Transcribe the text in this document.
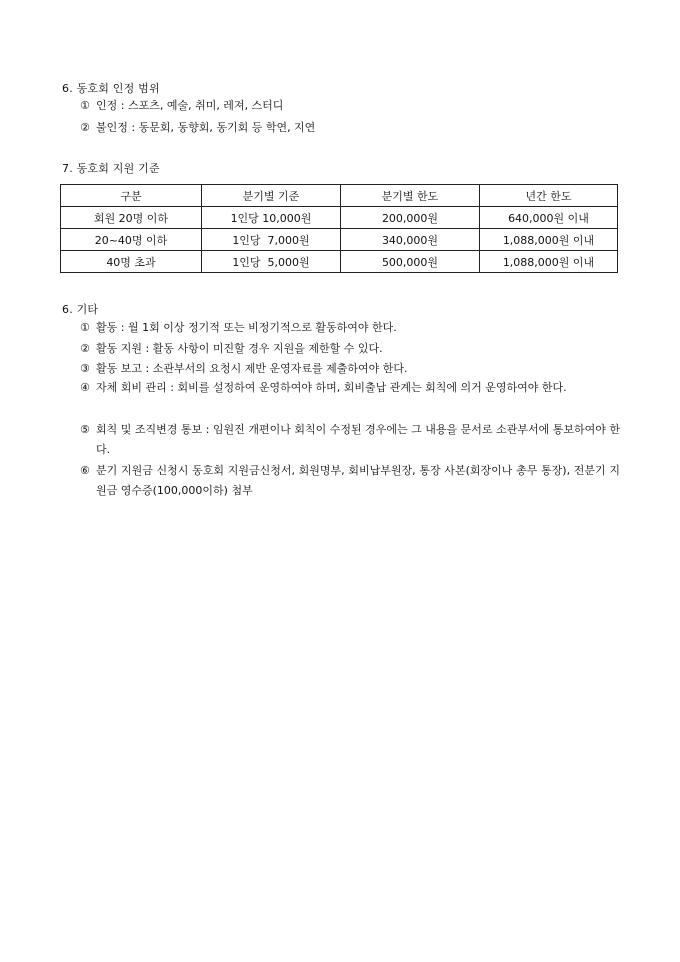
6. 동호회 인정 범위
① 인정 : 스포츠, 예술, 취미, 레져, 스터디
② 불인정 : 동문회, 동향회, 동기회 등 학연, 지연
7. 동호회 지원 기준
구분	분기별 기준	분기별 한도	년간 한도
회원 20명 이하	1인당 10,000원	200,000원	640,000원 이내
20~40명 이하	1인당  7,000원	340,000원	1,088,000원 이내
40명 초과	1인당  5,000원	500,000원	1,088,000원 이내
6. 기타
① 활동 : 월 1회 이상 정기적 또는 비정기적으로 활동하여야 한다.
② 활동 지원 : 활동 사항이 미진할 경우 지원을 제한할 수 있다.
③ 활동 보고 : 소관부서의 요청시 제반 운영자료를 제출하여야 한다.
④ 자체 회비 관리 : 회비를 설정하여 운영하여야 하며, 회비출납 관계는 회칙에 의거 운영하여야 한다.
⑤ 회칙 및 조직변경 통보 : 임원진 개편이나 회칙이 수정된 경우에는 그 내용을 문서로 소관부서에 통보하여야 한다.
⑥ 분기 지원금 신청시 동호회 지원금신청서, 회원명부, 회비납부원장, 통장 사본(회장이나 총무 통장), 전분기 지원금 영수증(100,000이하) 첨부
